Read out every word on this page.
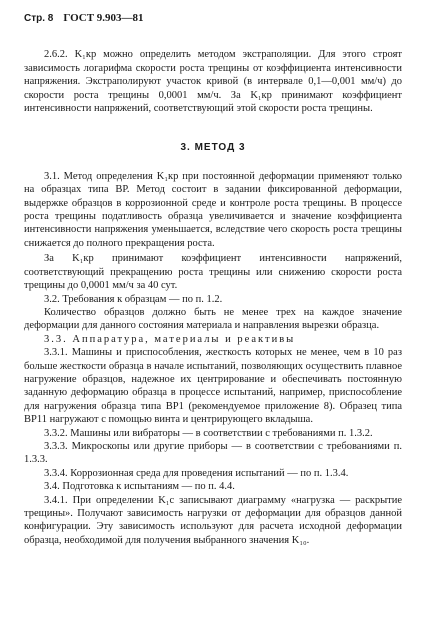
Стр. 8 ГОСТ 9.903—81

2.6.2. K₁кр можно определить методом экстраполяции. Для этого строят зависимость логарифма скорости роста трещины от коэффициента интенсивности напряжения. Экстраполируют участок кривой (в интервале 0,1—0,001 мм/ч) до скорости роста трещины 0,0001 мм/ч. За K₁кр принимают коэффициент интенсивности напряжений, соответствующий этой скорости роста трещины.

3. МЕТОД 3

3.1. Метод определения K₁кр при постоянной деформации применяют только на образцах типа ВР. Метод состоит в задании фиксированной деформации, выдержке образцов в коррозионной среде и контроле роста трещины. В процессе роста трещины податливость образца увеличивается и значение коэффициента интенсивности напряжения уменьшается, вследствие чего скорость роста трещины снижается до полного прекращения роста.

За K₁кр принимают коэффициент интенсивности напряжений, соответствующий прекращению роста трещины или снижению скорости роста трещины до 0,0001 мм/ч за 40 сут.

3.2. Требования к образцам — по п. 1.2.

Количество образцов должно быть не менее трех на каждое значение деформации для данного состояния материала и направления вырезки образца.

3.3. Аппаратура, материалы и реактивы

3.3.1. Машины и приспособления, жесткость которых не менее, чем в 10 раз больше жесткости образца в начале испытаний, позволяющих осуществить плавное нагружение образцов, надежное их центрирование и обеспечивать постоянную заданную деформацию образца в процессе испытаний, например, приспособление для нагружения образца типа ВР1 (рекомендуемое приложение 8). Образец типа ВР11 нагружают с помощью винта и центрирующего вкладыша.

3.3.2. Машины или вибраторы — в соответствии с требованиями п. 1.3.2.

3.3.3. Микроскопы или другие приборы — в соответствии с требованиями п. 1.3.3.

3.3.4. Коррозионная среда для проведения испытаний — по п. 1.3.4.

3.4. Подготовка к испытаниям — по п. 4.4.

3.4.1. При определении K₁c записывают диаграмму «нагрузка — раскрытие трещины». Получают зависимость нагрузки от деформации для образцов данной конфигурации. Эту зависимость используют для расчета исходной деформации образца, необходимой для получения выбранного значения K₁₀.
